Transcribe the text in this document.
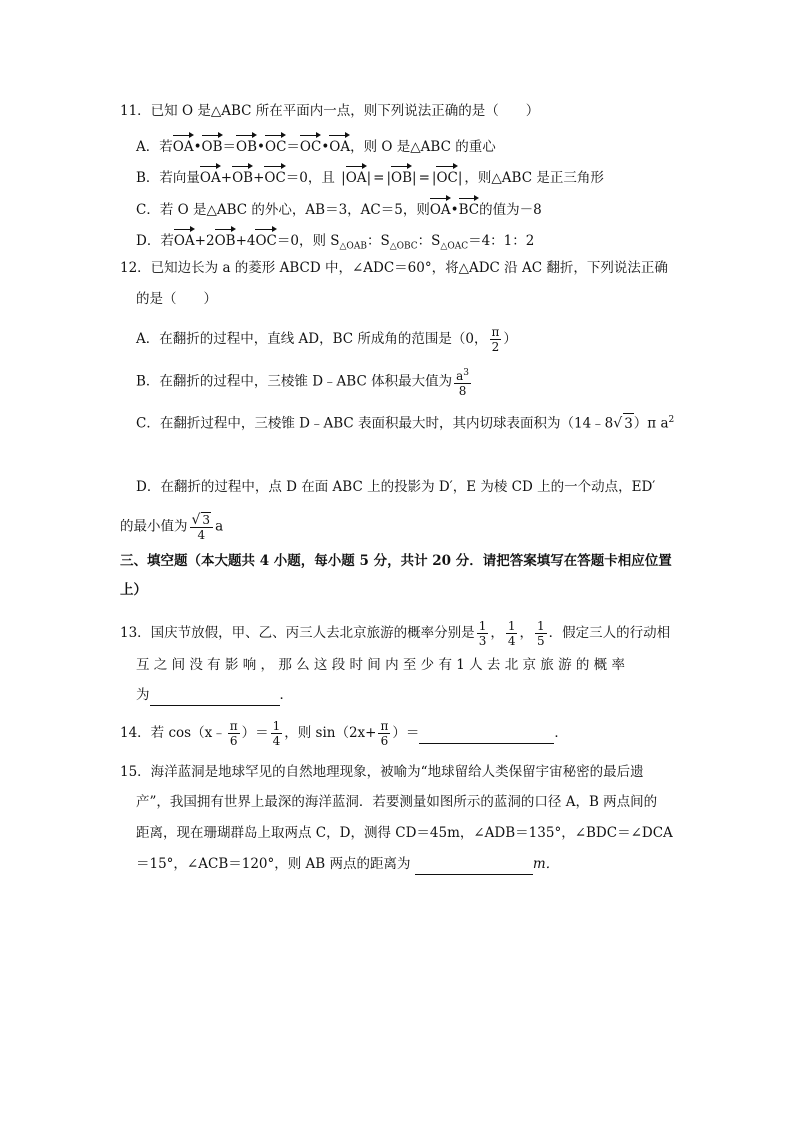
11．已知 O 是△ABC 所在平面内一点，则下列说法正确的是（　　）
A．若OA•OB＝OB•OC＝OC•OA，则 O 是△ABC 的重心
B．若向量OA+OB+OC＝0，且 |OA| = |OB| = |OC| ，则△ABC 是正三角形
C．若 O 是△ABC 的外心，AB＝3，AC＝5，则OA•BC的值为－8
D．若OA+2OB+4OC＝0，则 $S_{\triangle OAB}$：$S_{\triangle OBC}$：$S_{\triangle OAC}=4$：1：2
12．已知边长为 a 的菱形 ABCD 中，∠ADC＝60°，将△ADC 沿 AC 翻折，下列说法正确
的是（　　）
A．在翻折的过程中，直线 AD，BC 所成角的范围是（0， $\frac{\pi}{2}$ ）
B．在翻折的过程中，三棱锥 D﹣ABC 体积最大值为 $\frac{a^3}{8}$
C．在翻折过程中，三棱锥 D﹣ABC 表面积最大时，其内切球表面积为（14﹣8√ 3）π $a^2$
D．在翻折的过程中，点 D 在面 ABC 上的投影为 D′，E 为棱 CD 上的一个动点，ED′
的最小值为 $\frac{√ 3}{4}$ a
三、填空题（本大题共 4 小题，每小题 5 分，共计 20 分．请把答案填写在答题卡相应位置
上）
13．国庆节放假，甲、乙、丙三人去北京旅游的概率分别是 $\frac{1}{3}$ ， $\frac{1}{4}$ ， $\frac{1}{5}$ ．假定三人的行动相
互 之 间 没 有 影 响 ， 那 么 这 段 时 间 内 至 少 有 1 人 去 北 京 旅 游 的 概 率
为	．
14．若 cos（x﹣ $\frac{\pi}{6}$ ）＝ $\frac{1}{4}$ ，则 $\sin(2x+ \frac{\pi}{6}$ ）＝	．
15．海洋蓝洞是地球罕见的自然地理现象，被喻为“地球留给人类保留宇宙秘密的最后遗
产”，我国拥有世界上最深的海洋蓝洞．若要测量如图所示的蓝洞的口径 A，B 两点间的
距离，现在珊瑚群岛上取两点 C，D，测得 CD＝45m，∠ADB＝135°，∠BDC＝∠DCA
＝15°，∠ACB＝120°，则 AB 两点的距离为	m．
